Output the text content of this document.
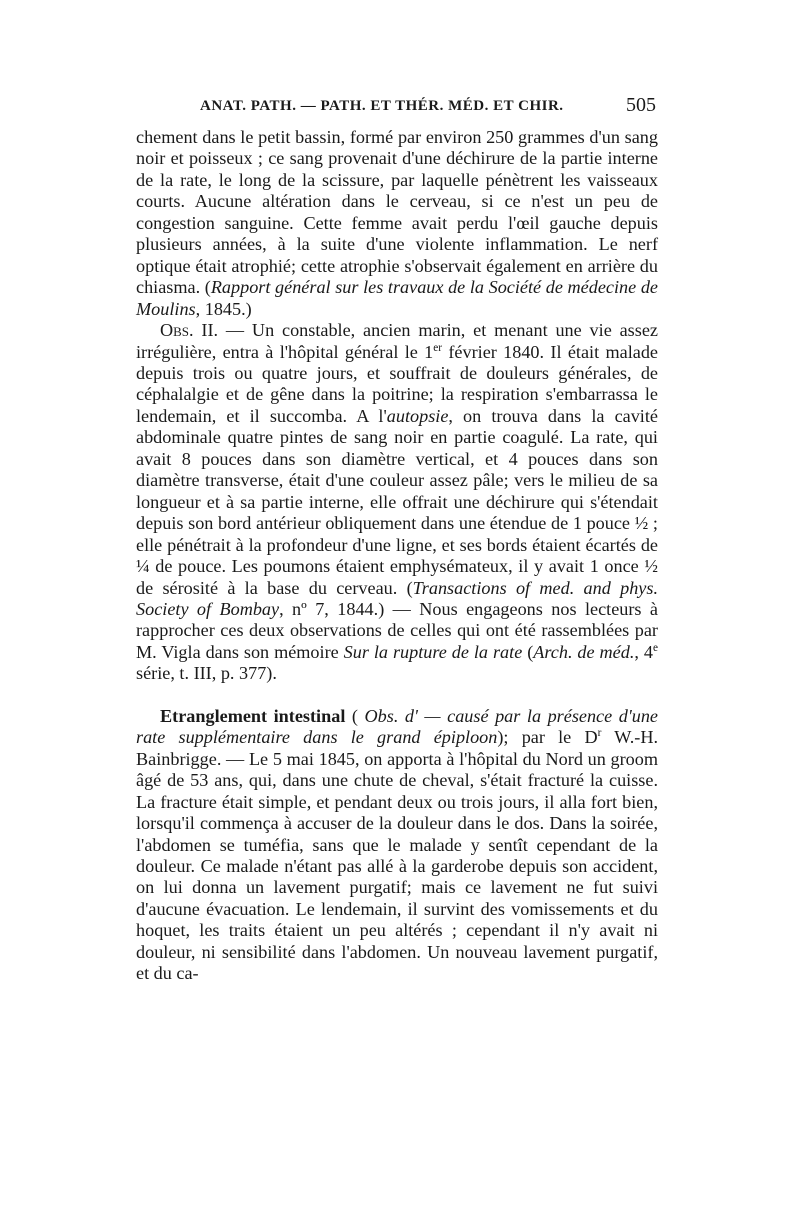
ANAT. PATH. — PATH. ET THÉR. MÉD. ET CHIR.	505

chement dans le petit bassin, formé par environ 250 grammes d'un sang noir et poisseux ; ce sang provenait d'une déchirure de la partie interne de la rate, le long de la scissure, par laquelle pénètrent les vaisseaux courts. Aucune altération dans le cerveau, si ce n'est un peu de congestion sanguine. Cette femme avait perdu l'œil gauche depuis plusieurs années, à la suite d'une violente inflammation. Le nerf optique était atrophié; cette atrophie s'observait également en arrière du chiasma. (Rapport général sur les travaux de la Société de médecine de Moulins, 1845.)

Obs. II. — Un constable, ancien marin, et menant une vie assez irrégulière, entra à l'hôpital général le 1er février 1840. Il était malade depuis trois ou quatre jours, et souffrait de douleurs générales, de céphalalgie et de gêne dans la poitrine; la respiration s'embarrassa le lendemain, et il succomba. A l'autopsie, on trouva dans la cavité abdominale quatre pintes de sang noir en partie coagulé. La rate, qui avait 8 pouces dans son diamètre vertical, et 4 pouces dans son diamètre transverse, était d'une couleur assez pâle; vers le milieu de sa longueur et à sa partie interne, elle offrait une déchirure qui s'étendait depuis son bord antérieur obliquement dans une étendue de 1 pouce ½ ; elle pénétrait à la profondeur d'une ligne, et ses bords étaient écartés de ¼ de pouce. Les poumons étaient emphysémateux, il y avait 1 once ½ de sérosité à la base du cerveau. (Transactions of med. and phys. Society of Bombay, nº 7, 1844.) — Nous engageons nos lecteurs à rapprocher ces deux observations de celles qui ont été rassemblées par M. Vigla dans son mémoire Sur la rupture de la rate (Arch. de méd., 4e série, t. III, p. 377).

Etranglement intestinal ( Obs. d' — causé par la présence d'une rate supplémentaire dans le grand épiploon); par le $D^r$ W.-H. Bainbrigge. — Le 5 mai 1845, on apporta à l'hôpital du Nord un groom âgé de 53 ans, qui, dans une chute de cheval, s'était fracturé la cuisse. La fracture était simple, et pendant deux ou trois jours, il alla fort bien, lorsqu'il commença à accuser de la douleur dans le dos. Dans la soirée, l'abdomen se tuméfia, sans que le malade y sentît cependant de la douleur. Ce malade n'étant pas allé à la garderobe depuis son accident, on lui donna un lavement purgatif; mais ce lavement ne fut suivi d'aucune évacuation. Le lendemain, il survint des vomissements et du hoquet, les traits étaient un peu altérés ; cependant il n'y avait ni douleur, ni sensibilité dans l'abdomen. Un nouveau lavement purgatif, et du ca-
